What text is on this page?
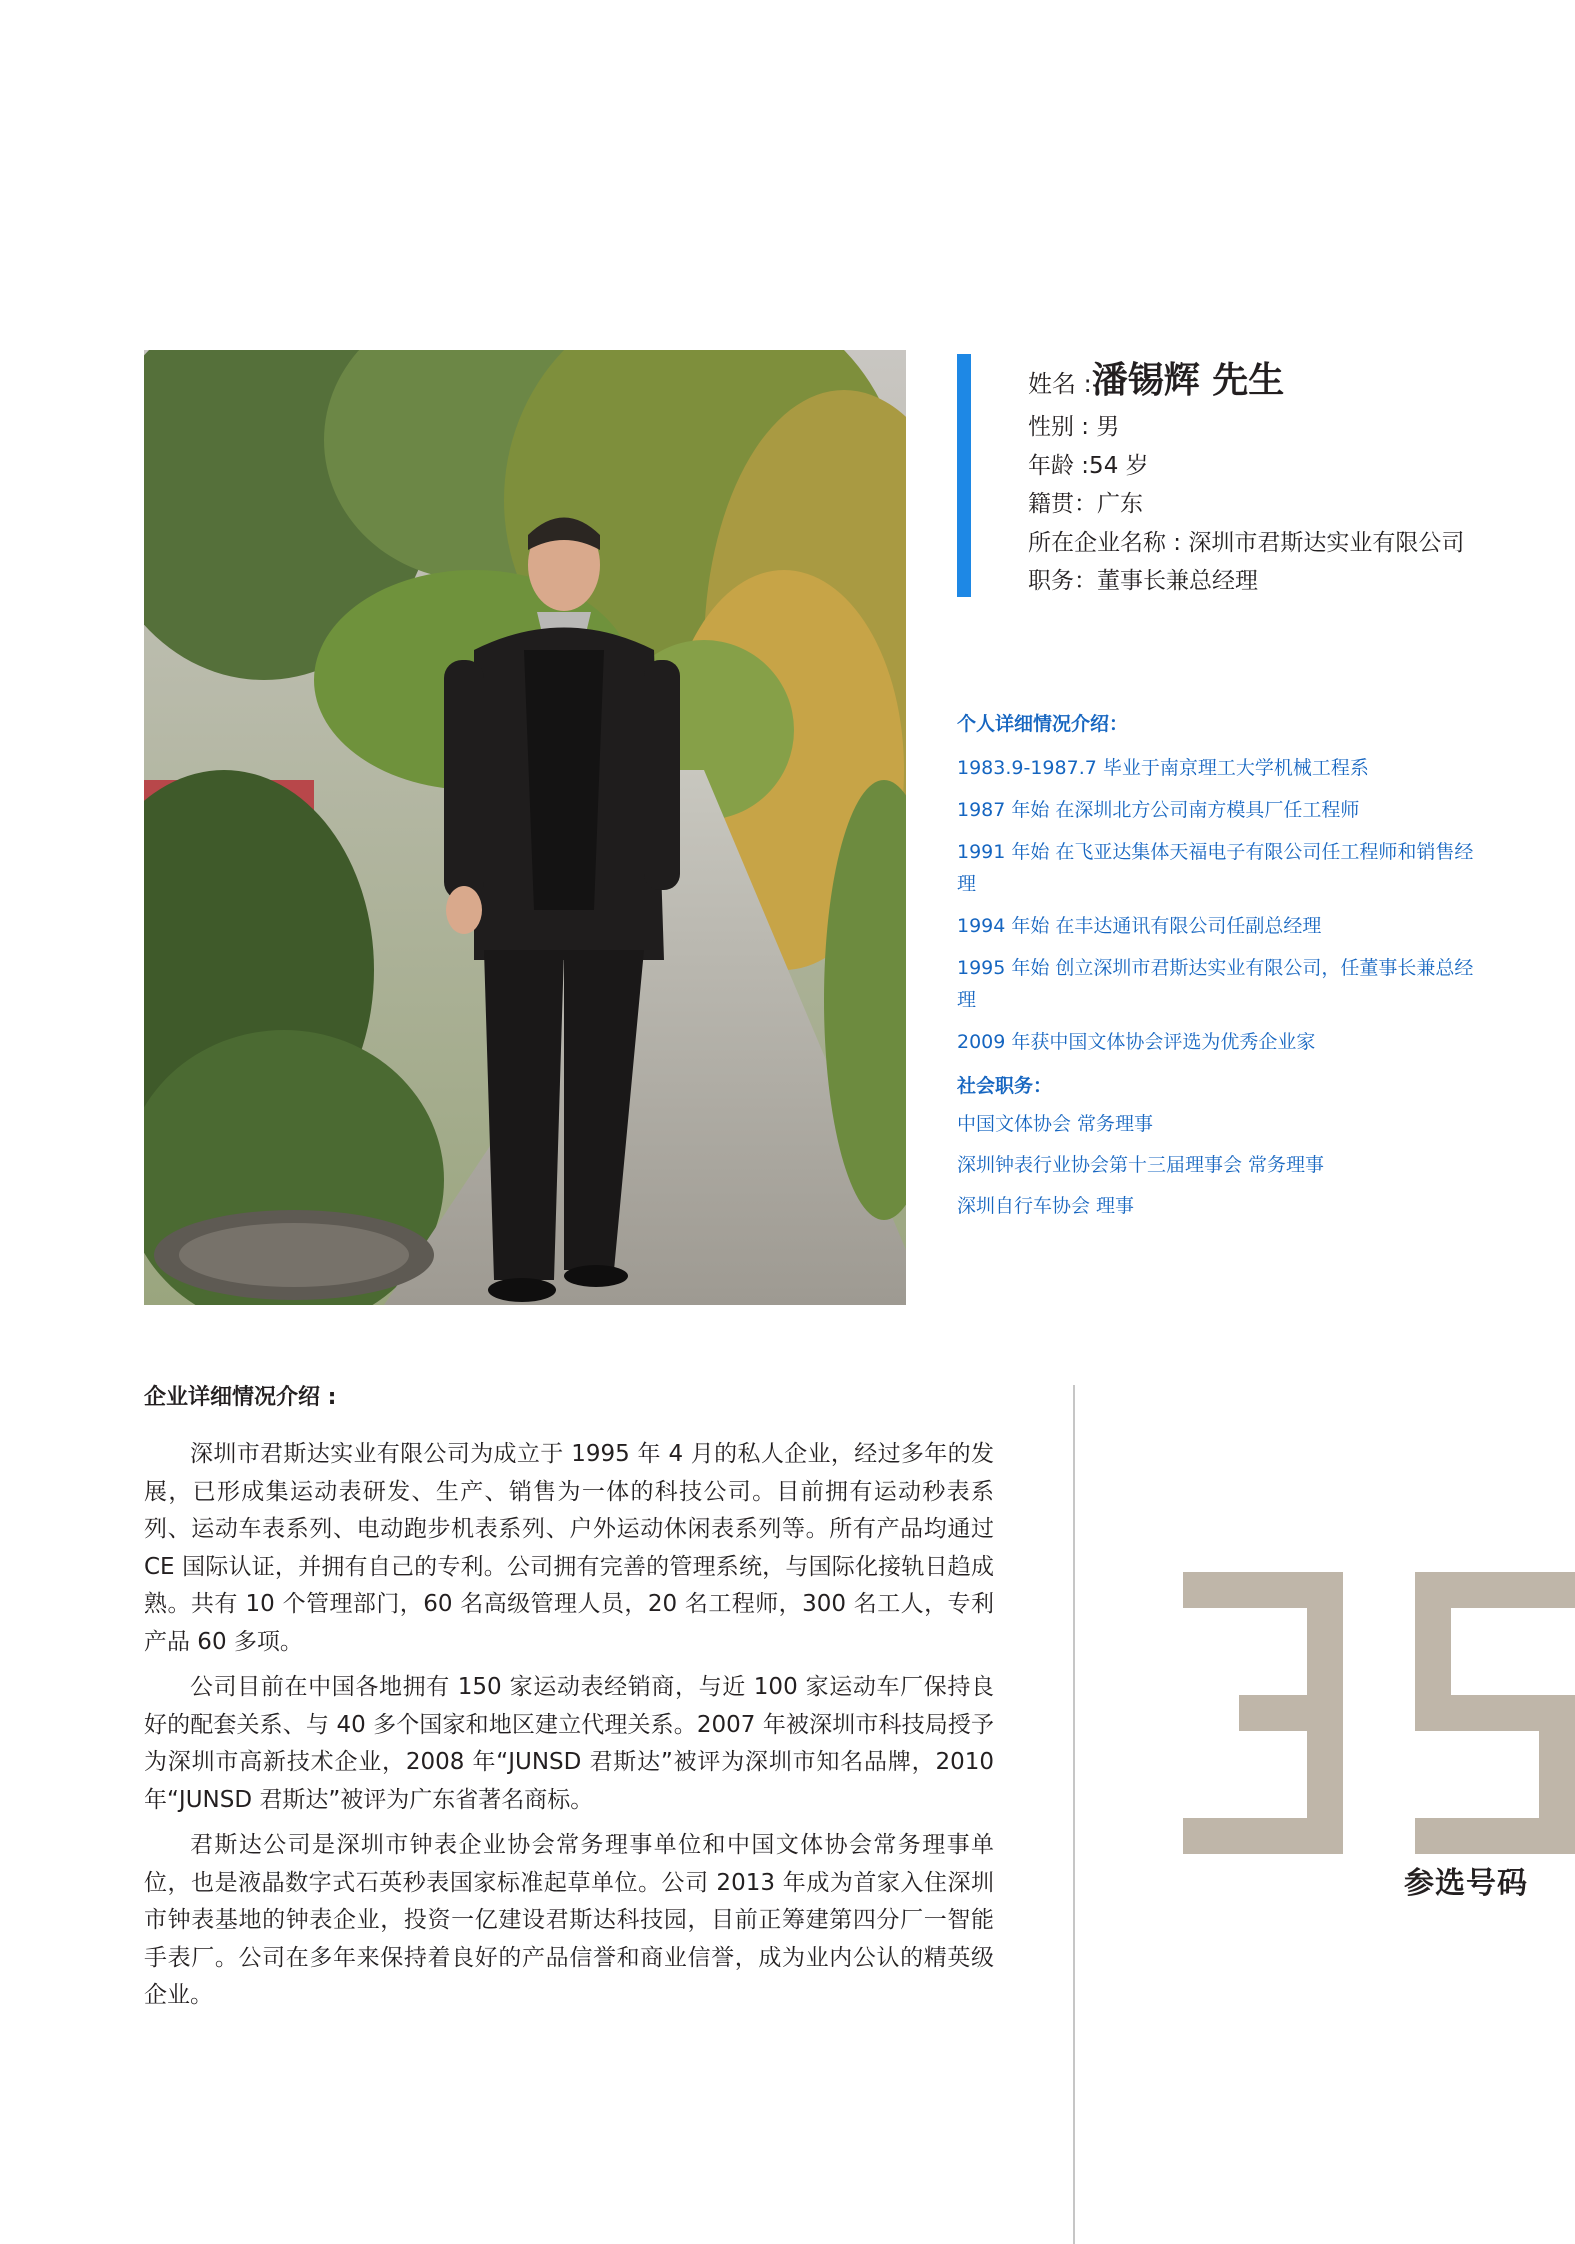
姓名 : 潘锡辉 先生
性别 : 男
年龄 :54 岁
籍贯：广东
所在企业名称 : 深圳市君斯达实业有限公司
职务：董事长兼总经理
个人详细情况介绍：
1983.9-1987.7 毕业于南京理工大学机械工程系
1987 年始 在深圳北方公司南方模具厂任工程师
1991 年始 在飞亚达集体天福电子有限公司任工程师和销售经理
1994 年始 在丰达通讯有限公司任副总经理
1995 年始 创立深圳市君斯达实业有限公司，任董事长兼总经理
2009 年获中国文体协会评选为优秀企业家
社会职务：
中国文体协会 常务理事
深圳钟表行业协会第十三届理事会 常务理事
深圳自行车协会 理事
企业详细情况介绍 :

深圳市君斯达实业有限公司为成立于 1995 年 4 月的私人企业，经过多年的发展，已形成集运动表研发、生产、销售为一体的科技公司。目前拥有运动秒表系列、运动车表系列、电动跑步机表系列、户外运动休闲表系列等。所有产品均通过 CE 国际认证，并拥有自己的专利。公司拥有完善的管理系统，与国际化接轨日趋成熟。共有 10 个管理部门，60 名高级管理人员，20 名工程师，300 名工人，专利产品 60 多项。

公司目前在中国各地拥有 150 家运动表经销商，与近 100 家运动车厂保持良好的配套关系、与 40 多个国家和地区建立代理关系。2007 年被深圳市科技局授予为深圳市高新技术企业，2008 年“JUNSD 君斯达”被评为深圳市知名品牌，2010 年“JUNSD 君斯达”被评为广东省著名商标。

君斯达公司是深圳市钟表企业协会常务理事单位和中国文体协会常务理事单位，也是液晶数字式石英秒表国家标准起草单位。公司 2013 年成为首家入住深圳市钟表基地的钟表企业，投资一亿建设君斯达科技园，目前正筹建第四分厂一智能手表厂。公司在多年来保持着良好的产品信誉和商业信誉，成为业内公认的精英级企业。

参选号码
